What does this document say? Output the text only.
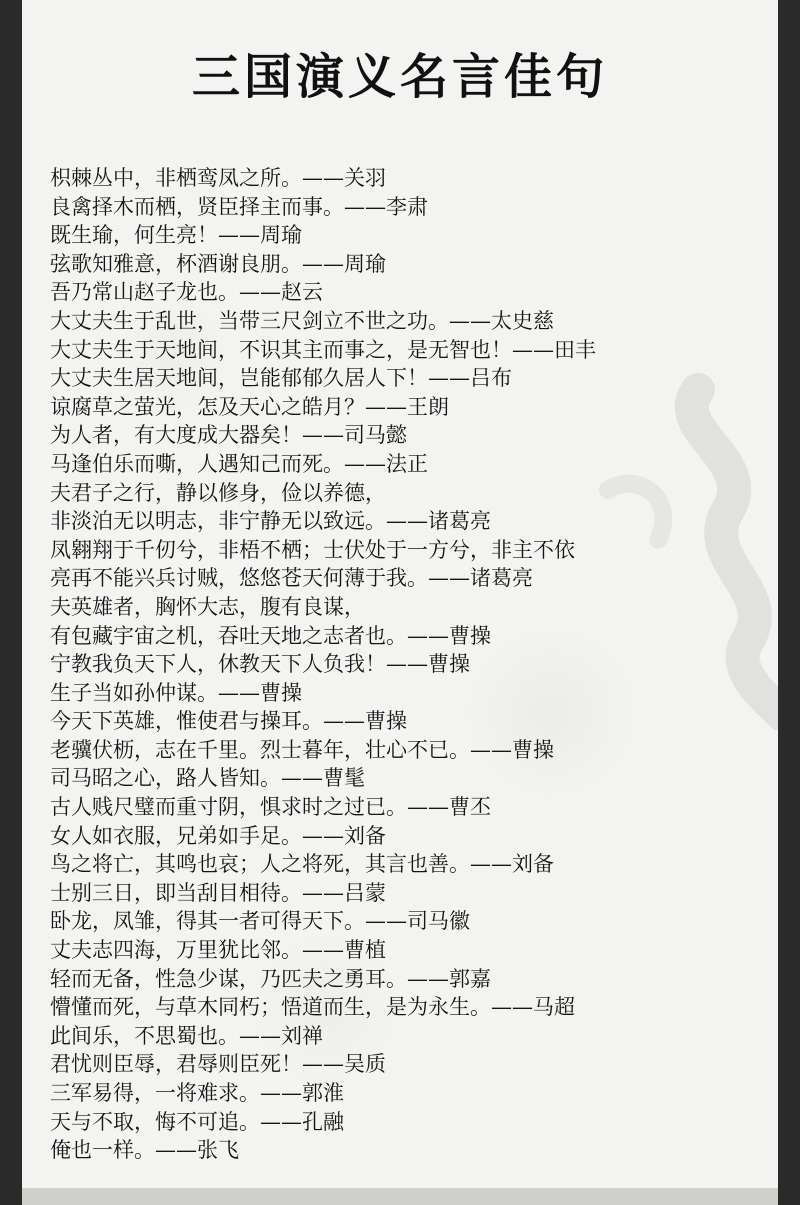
三国演义名言佳句
枳棘丛中，非栖鸾凤之所。——关羽
良禽择木而栖，贤臣择主而事。——李肃
既生瑜，何生亮！——周瑜
弦歌知雅意，杯酒谢良朋。——周瑜
吾乃常山赵子龙也。——赵云
大丈夫生于乱世，当带三尺剑立不世之功。——太史慈
大丈夫生于天地间，不识其主而事之，是无智也！——田丰
大丈夫生居天地间，岂能郁郁久居人下！——吕布
谅腐草之萤光，怎及天心之皓月？——王朗
为人者，有大度成大器矣！——司马懿
马逢伯乐而嘶，人遇知己而死。——法正
夫君子之行，静以修身，俭以养德，
非淡泊无以明志，非宁静无以致远。——诸葛亮
凤翱翔于千仞兮，非梧不栖；士伏处于一方兮，非主不依
亮再不能兴兵讨贼，悠悠苍天何薄于我。——诸葛亮
夫英雄者，胸怀大志，腹有良谋，
有包藏宇宙之机，吞吐天地之志者也。——曹操
宁教我负天下人，休教天下人负我！——曹操
生子当如孙仲谋。——曹操
今天下英雄，惟使君与操耳。——曹操
老骥伏枥，志在千里。烈士暮年，壮心不已。——曹操
司马昭之心，路人皆知。——曹髦
古人贱尺璧而重寸阴，惧求时之过已。——曹丕
女人如衣服，兄弟如手足。——刘备
鸟之将亡，其鸣也哀；人之将死，其言也善。——刘备
士别三日，即当刮目相待。——吕蒙
卧龙，凤雏，得其一者可得天下。——司马徽
丈夫志四海，万里犹比邻。——曹植
轻而无备，性急少谋，乃匹夫之勇耳。——郭嘉
懵懂而死，与草木同朽；悟道而生，是为永生。——马超
此间乐，不思蜀也。——刘禅
君忧则臣辱，君辱则臣死！——吴质
三军易得，一将难求。——郭淮
天与不取，悔不可追。——孔融
俺也一样。——张飞
